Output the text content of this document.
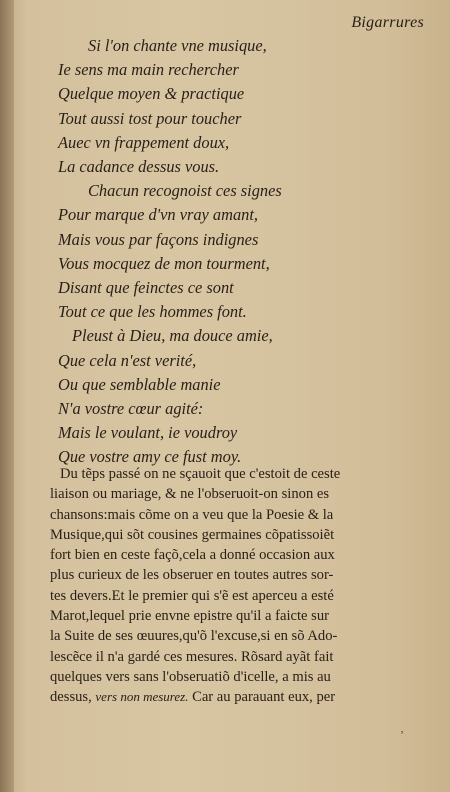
Bigarrures
Si l'on chante vne musique,
Ie sens ma main rechercher
Quelque moyen & practique
Tout aussi tost pour toucher
Auec vn frappement doux,
La cadance dessus vous.
Chacun recognoist ces signes
Pour marque d'vn vray amant,
Mais vous par façons indignes
Vous mocquez de mon tourment,
Disant que feinctes ce sont
Tout ce que les hommes font.
Pleust à Dieu, ma douce amie,
Que cela n'est verité,
Ou que semblable manie
N'a vostre cœur agité:
Mais le voulant, ie voudroy
Que vostre amy ce fust moy.
Du tẽps passé on ne sçauoit que c'estoit de ceste
liaison ou mariage, & ne l'obseruoit-on sinon es
chansons:mais cõme on a veu que la Poesie & la
Musique,qui sõt cousines germaines cõpatissoiẽt
fort bien en ceste façõ,cela a donné occasion aux
plus curieux de les obseruer en toutes autres sor-
tes devers.Et le premier qui s'ẽ est aperceu a esté
Marot,lequel prie envne epistre qu'il a faicte sur
la Suite de ses œuures,qu'õ l'excuse,si en sõ Ado-
lescẽce il n'a gardé ces mesures. Rõsard ayãt fait
quelques vers sans l'obseruatiõ d'icelle, a mis au
dessus, vers non mesurez. Car au parauant eux, per
ʼ
